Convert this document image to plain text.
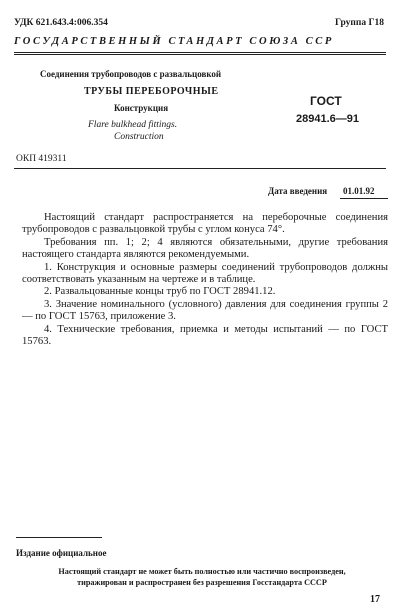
УДК 621.643.4:006.354	Группа Г18
ГОСУДАРСТВЕННЫЙ СТАНДАРТ СОЮЗА ССР
Соединения трубопроводов с развальцовкой
ТРУБЫ ПЕРЕБОРОЧНЫЕ
Конструкция
Flare bulkhead fittings.
Construction
ГОСТ
28941.6—91
ОКП 419311
Дата введения 01.01.92

Настоящий стандарт распространяется на переборочные соединения трубопроводов с развальцовкой трубы с углом конуса 74°.

Требования пп. 1; 2; 4 являются обязательными, другие требования настоящего стандарта являются рекомендуемыми.

1. Конструкция и основные размеры соединений трубопроводов должны соответствовать указанным на чертеже и в таблице.

2. Развальцованные концы труб по ГОСТ 28941.12.

3. Значение номинального (условного) давления для соединения группы 2 — по ГОСТ 15763, приложение 3.

4. Технические требования, приемка и методы испытаний — по ГОСТ 15763.

Издание официальное

Настоящий стандарт не может быть полностью или частично воспроизведен,

тиражирован и распространен без разрешения Госстандарта СССР

17
